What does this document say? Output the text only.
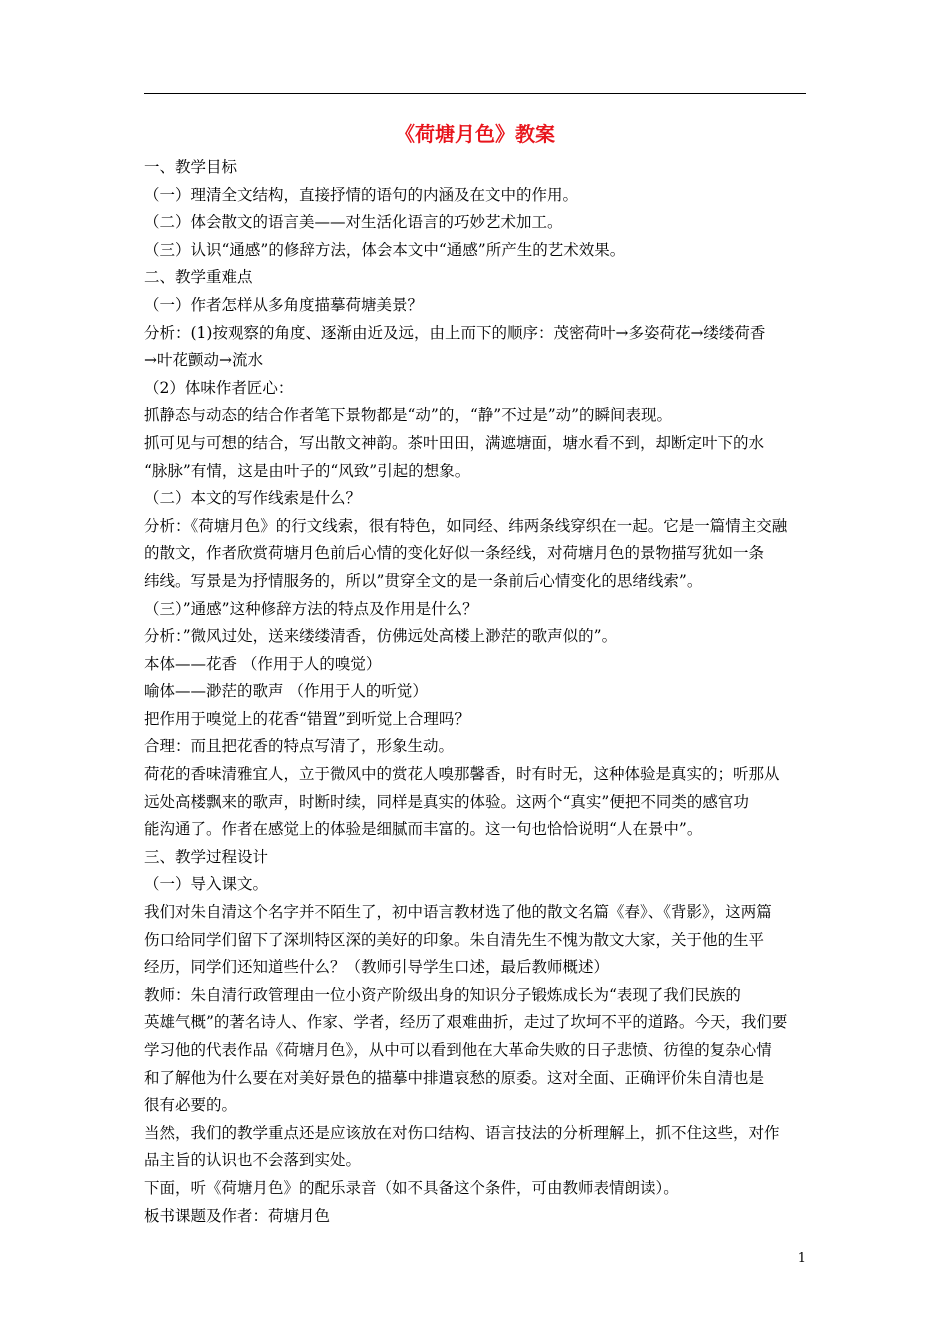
《荷塘月色》教案
一、教学目标
（一）理清全文结构，直接抒情的语句的内涵及在文中的作用。
（二）体会散文的语言美——对生活化语言的巧妙艺术加工。
（三）认识“通感”的修辞方法，体会本文中“通感”所产生的艺术效果。
二、教学重难点
（一）作者怎样从多角度描摹荷塘美景？
分析：(1)按观察的角度、逐渐由近及远，由上而下的顺序：茂密荷叶→多姿荷花→缕缕荷香
→叶花颤动→流水
（2）体味作者匠心：
抓静态与动态的结合作者笔下景物都是“动”的，“静”不过是”动”的瞬间表现。
抓可见与可想的结合，写出散文神韵。茶叶田田，满遮塘面，塘水看不到，却断定叶下的水
“脉脉”有情，这是由叶子的“风致”引起的想象。
（二）本文的写作线索是什么？
分析：《荷塘月色》的行文线索，很有特色，如同经、纬两条线穿织在一起。它是一篇情主交融
的散文，作者欣赏荷塘月色前后心情的变化好似一条经线，对荷塘月色的景物描写犹如一条
纬线。写景是为抒情服务的，所以”贯穿全文的是一条前后心情变化的思绪线索”。
（三）”通感”这种修辞方法的特点及作用是什么？
分析：”微风过处，送来缕缕清香，仿佛远处高楼上渺茫的歌声似的”。
本体——花香 （作用于人的嗅觉）
喻体——渺茫的歌声 （作用于人的听觉）
把作用于嗅觉上的花香“错置”到听觉上合理吗？
合理：而且把花香的特点写清了，形象生动。
荷花的香味清雅宜人，立于微风中的赏花人嗅那馨香，时有时无，这种体验是真实的；听那从
远处高楼飘来的歌声，时断时续，同样是真实的体验。这两个“真实”便把不同类的感官功
能沟通了。作者在感觉上的体验是细腻而丰富的。这一句也恰恰说明“人在景中”。
三、教学过程设计
（一）导入课文。
我们对朱自清这个名字并不陌生了，初中语言教材选了他的散文名篇《春》、《背影》，这两篇
伤口给同学们留下了深圳特区深的美好的印象。朱自清先生不愧为散文大家，关于他的生平
经历，同学们还知道些什么？（教师引导学生口述，最后教师概述）
教师：朱自清行政管理由一位小资产阶级出身的知识分子锻炼成长为“表现了我们民族的
英雄气概”的著名诗人、作家、学者，经历了艰难曲折，走过了坎坷不平的道路。今天，我们要
学习他的代表作品《荷塘月色》，从中可以看到他在大革命失败的日子悲愤、彷徨的复杂心情
和了解他为什么要在对美好景色的描摹中排遣哀愁的原委。这对全面、正确评价朱自清也是
很有必要的。
当然，我们的教学重点还是应该放在对伤口结构、语言技法的分析理解上，抓不住这些，对作
品主旨的认识也不会落到实处。
下面，听《荷塘月色》的配乐录音（如不具备这个条件，可由教师表情朗读）。
板书课题及作者：荷塘月色
1
